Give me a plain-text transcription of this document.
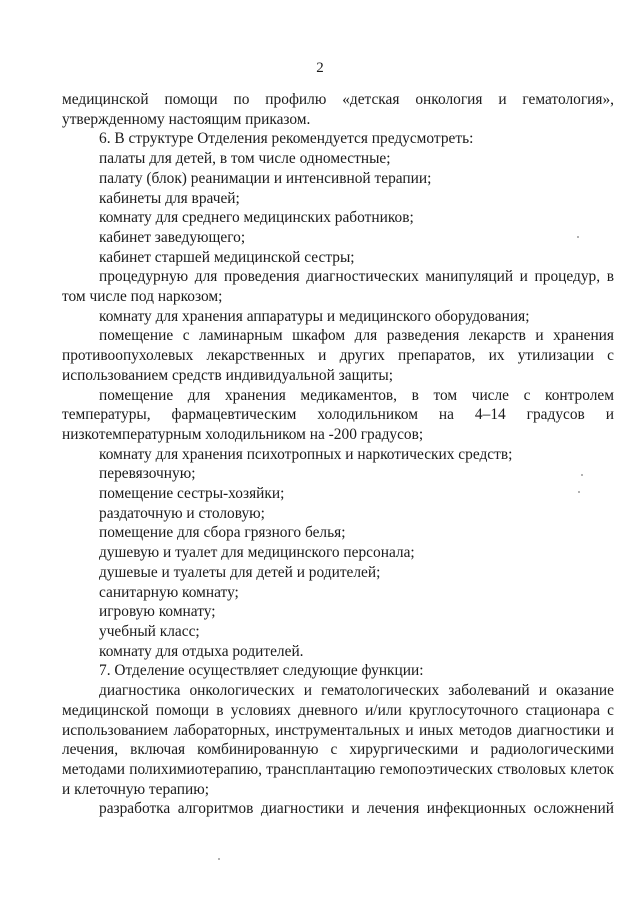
2

медицинской помощи по профилю «детская онкология и гематология», утвержденному настоящим приказом.

6. В структуре Отделения рекомендуется предусмотреть:

палаты для детей, в том числе одноместные;

палату (блок) реанимации и интенсивной терапии;

кабинеты для врачей;

комнату для среднего медицинских работников;

кабинет заведующего;

кабинет старшей медицинской сестры;

процедурную для проведения диагностических манипуляций и процедур, в том числе под наркозом;

комнату для хранения аппаратуры и медицинского оборудования;

помещение с ламинарным шкафом для разведения лекарств и хранения противоопухолевых лекарственных и других препаратов, их утилизации с использованием средств индивидуальной защиты;

помещение для хранения медикаментов, в том числе с контролем температуры, фармацевтическим холодильником на 4–14 градусов и низкотемпературным холодильником на -200 градусов;

комнату для хранения психотропных и наркотических средств;

перевязочную;

помещение сестры-хозяйки;

раздаточную и столовую;

помещение для сбора грязного белья;

душевую и туалет для медицинского персонала;

душевые и туалеты для детей и родителей;

санитарную комнату;

игровую комнату;

учебный класс;

комнату для отдыха родителей.

7. Отделение осуществляет следующие функции:

диагностика онкологических и гематологических заболеваний и оказание медицинской помощи в условиях дневного и/или круглосуточного стационара с использованием лабораторных, инструментальных и иных методов диагностики и лечения, включая комбинированную с хирургическими и радиологическими методами полихимиотерапию, трансплантацию гемопоэтических стволовых клеток и клеточную терапию;

разработка алгоритмов диагностики и лечения инфекционных осложнений
